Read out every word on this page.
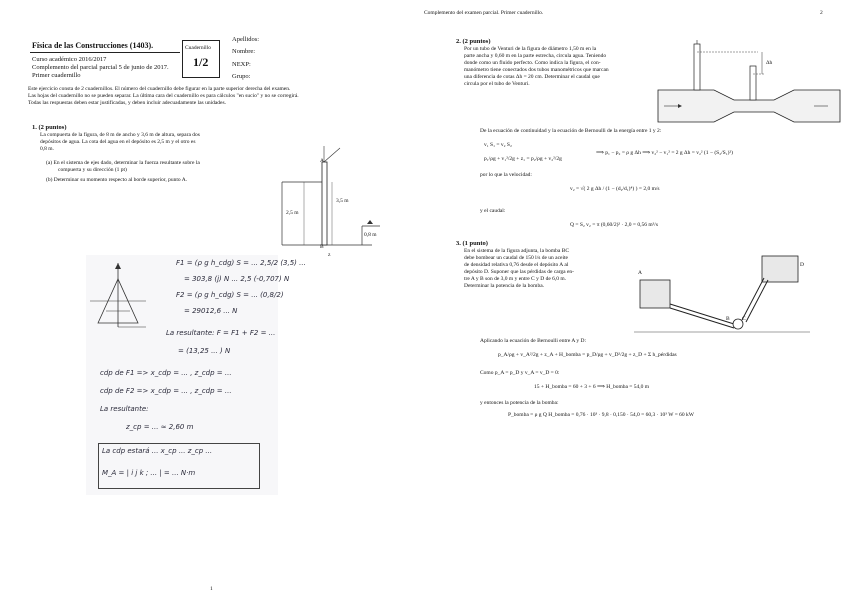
Física de las Construcciones (1403).
Curso académico 2016/2017
Complemento del parcial parcial 5 de junio de 2017.
Primer cuadernillo
Cuadernillo
1/2
Apellidos:
Nombre:
NEXP:
Grupo:
Este ejercicio consta de 2 cuadernillos. El número del cuadernillo debe figurar en la parte superior derecha del examen.
Las hojas del cuadernillo no se pueden separar. La última cara del cuadernillo es para cálculos "en sucio" y no se corregirá.
Todas las respuestas deben estar justificadas, y deben incluir adecuadamente las unidades.
1. (2 puntos)
La compuerta de la figura, de 8 m de ancho y 3,6 m de altura, separa dos
depósitos de agua. La cota del agua en el depósito es 2,5 m y el otro es
0,8 m.
(a) En el sistema de ejes dado, determinar la fuerza resultante sobre la
compuerta y su dirección (1 pt)
(b) Determinar su momento respecto al borde superior, punto A.
A
B
2,5 m
3,5 m
0,8 m
z
F1 = (ρ g h_cdg) S = ... 2,5/2 (3,5) ...
= 303,8 (j) N ... 2,5 (-0,707) N
F2 = (ρ g h_cdg) S = ... (0,8/2)
= 29012,6 ... N
La resultante: F = F1 + F2 = ...
= (13,25 ... ) N
cdp de F1 => x_cdp = ... , z_cdp = ...
cdp de F2 => x_cdp = ... , z_cdp = ...
La resultante:
z_cp = ... ≈ 2,60 m
La cdp estará ... x_cp ... z_cp ...
M_A = | i j k ; ... | = ... N·m
1
Complemento del examen parcial. Primer cuadernillo.	2
2. (2 puntos)
Por un tubo de Venturi de la figura de diámetro 1,50 m en la
parte ancha y 0,60 m en la parte estrecha, circula agua. Teniendo
donde como un fluido perfecto. Como indica la figura, el con-
manómetro tiene conectados dos tubos manométricos que marcan
una diferencia de cotas Δh = 20 cm. Determinar el caudal que
circula por el tubo de Venturi.
Δh
De la ecuación de continuidad y la ecuación de Bernoulli de la energía entre 1 y 2:
v₁ S₁ = v₂ S₂
p₁/ρg + v₁²/2g + z₁ = p₂/ρg + v₂²/2g
⟹ p₁ − p₂ = ρ g Δh ⟹ v₂² − v₁² = 2 g Δh = v₂² (1 − (S₂/S₁)²)
por lo que la velocidad:
v₂ = √( 2 g Δh / (1 − (d₂/d₁)⁴) ) = 2,0 m/s
y el caudal:
Q = S₂ v₂ = π (0,60/2)² · 2,0 = 0,56 m³/s
3. (1 punto)
En el sistema de la figura adjunta, la bomba BC
debe bombear un caudal de 150 l/s de un aceite
de densidad relativa 0,76 desde el depósito A al
depósito D. Suponer que las pérdidas de carga en-
tre A y B son de 3,0 m y entre C y D de 6,0 m.
Determinar la potencia de la bomba.
A
B C
D
Aplicando la ecuación de Bernoulli entre A y D:
p_A/ρg + v_A²/2g + z_A + H_bomba = p_D/ρg + v_D²/2g + z_D + Σ h_pérdidas
Como p_A = p_D y v_A = v_D = 0:
15 + H_bomba = 60 + 3 + 6 ⟹ H_bomba = 54,0 m
y entonces la potencia de la bomba:
P_bomba = ρ g Q H_bomba = 0,76 · 10³ · 9,8 · 0,150 · 54,0 = 60,3 · 10³ W = 60 kW
